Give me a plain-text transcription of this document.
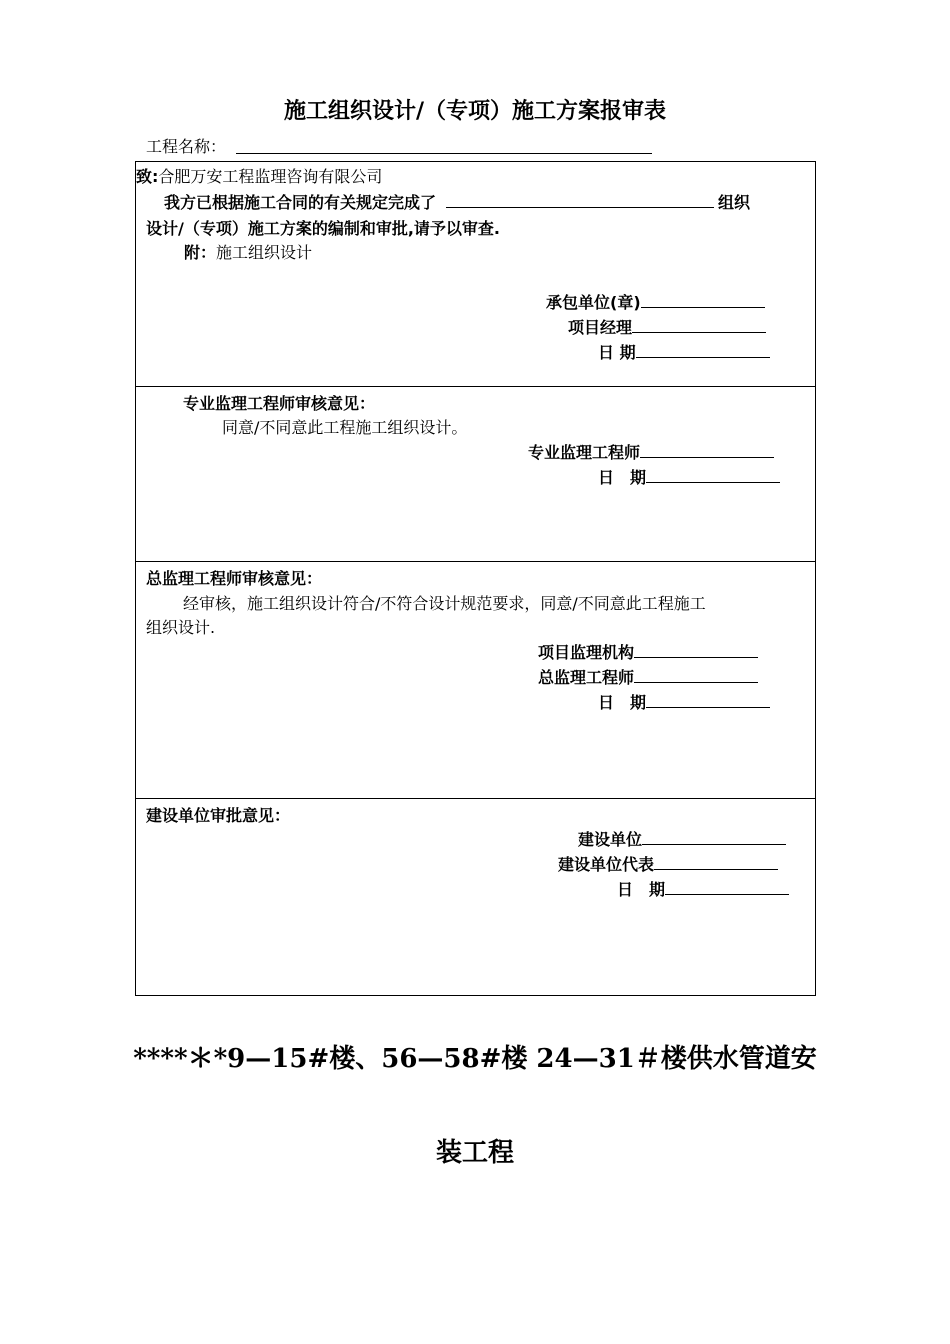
施工组织设计/（专项）施工方案报审表
工程名称：
致:合肥万安工程监理咨询有限公司
我方已根据施工合同的有关规定完成了	组织
设计/（专项）施工方案的编制和审批,请予以审查.
附：施工组织设计
承包单位(章)
项目经理
日 期
专业监理工程师审核意见：
同意/不同意此工程施工组织设计。
专业监理工程师
日　期
总监理工程师审核意见：
经审核，施工组织设计符合/不符合设计规范要求，同意/不同意此工程施工
组织设计.
项目监理机构
总监理工程师
日　期
建设单位审批意见：
建设单位
建设单位代表
日　期
****＊*9—15#楼、56—58#楼 24—31＃楼供水管道安
装工程
